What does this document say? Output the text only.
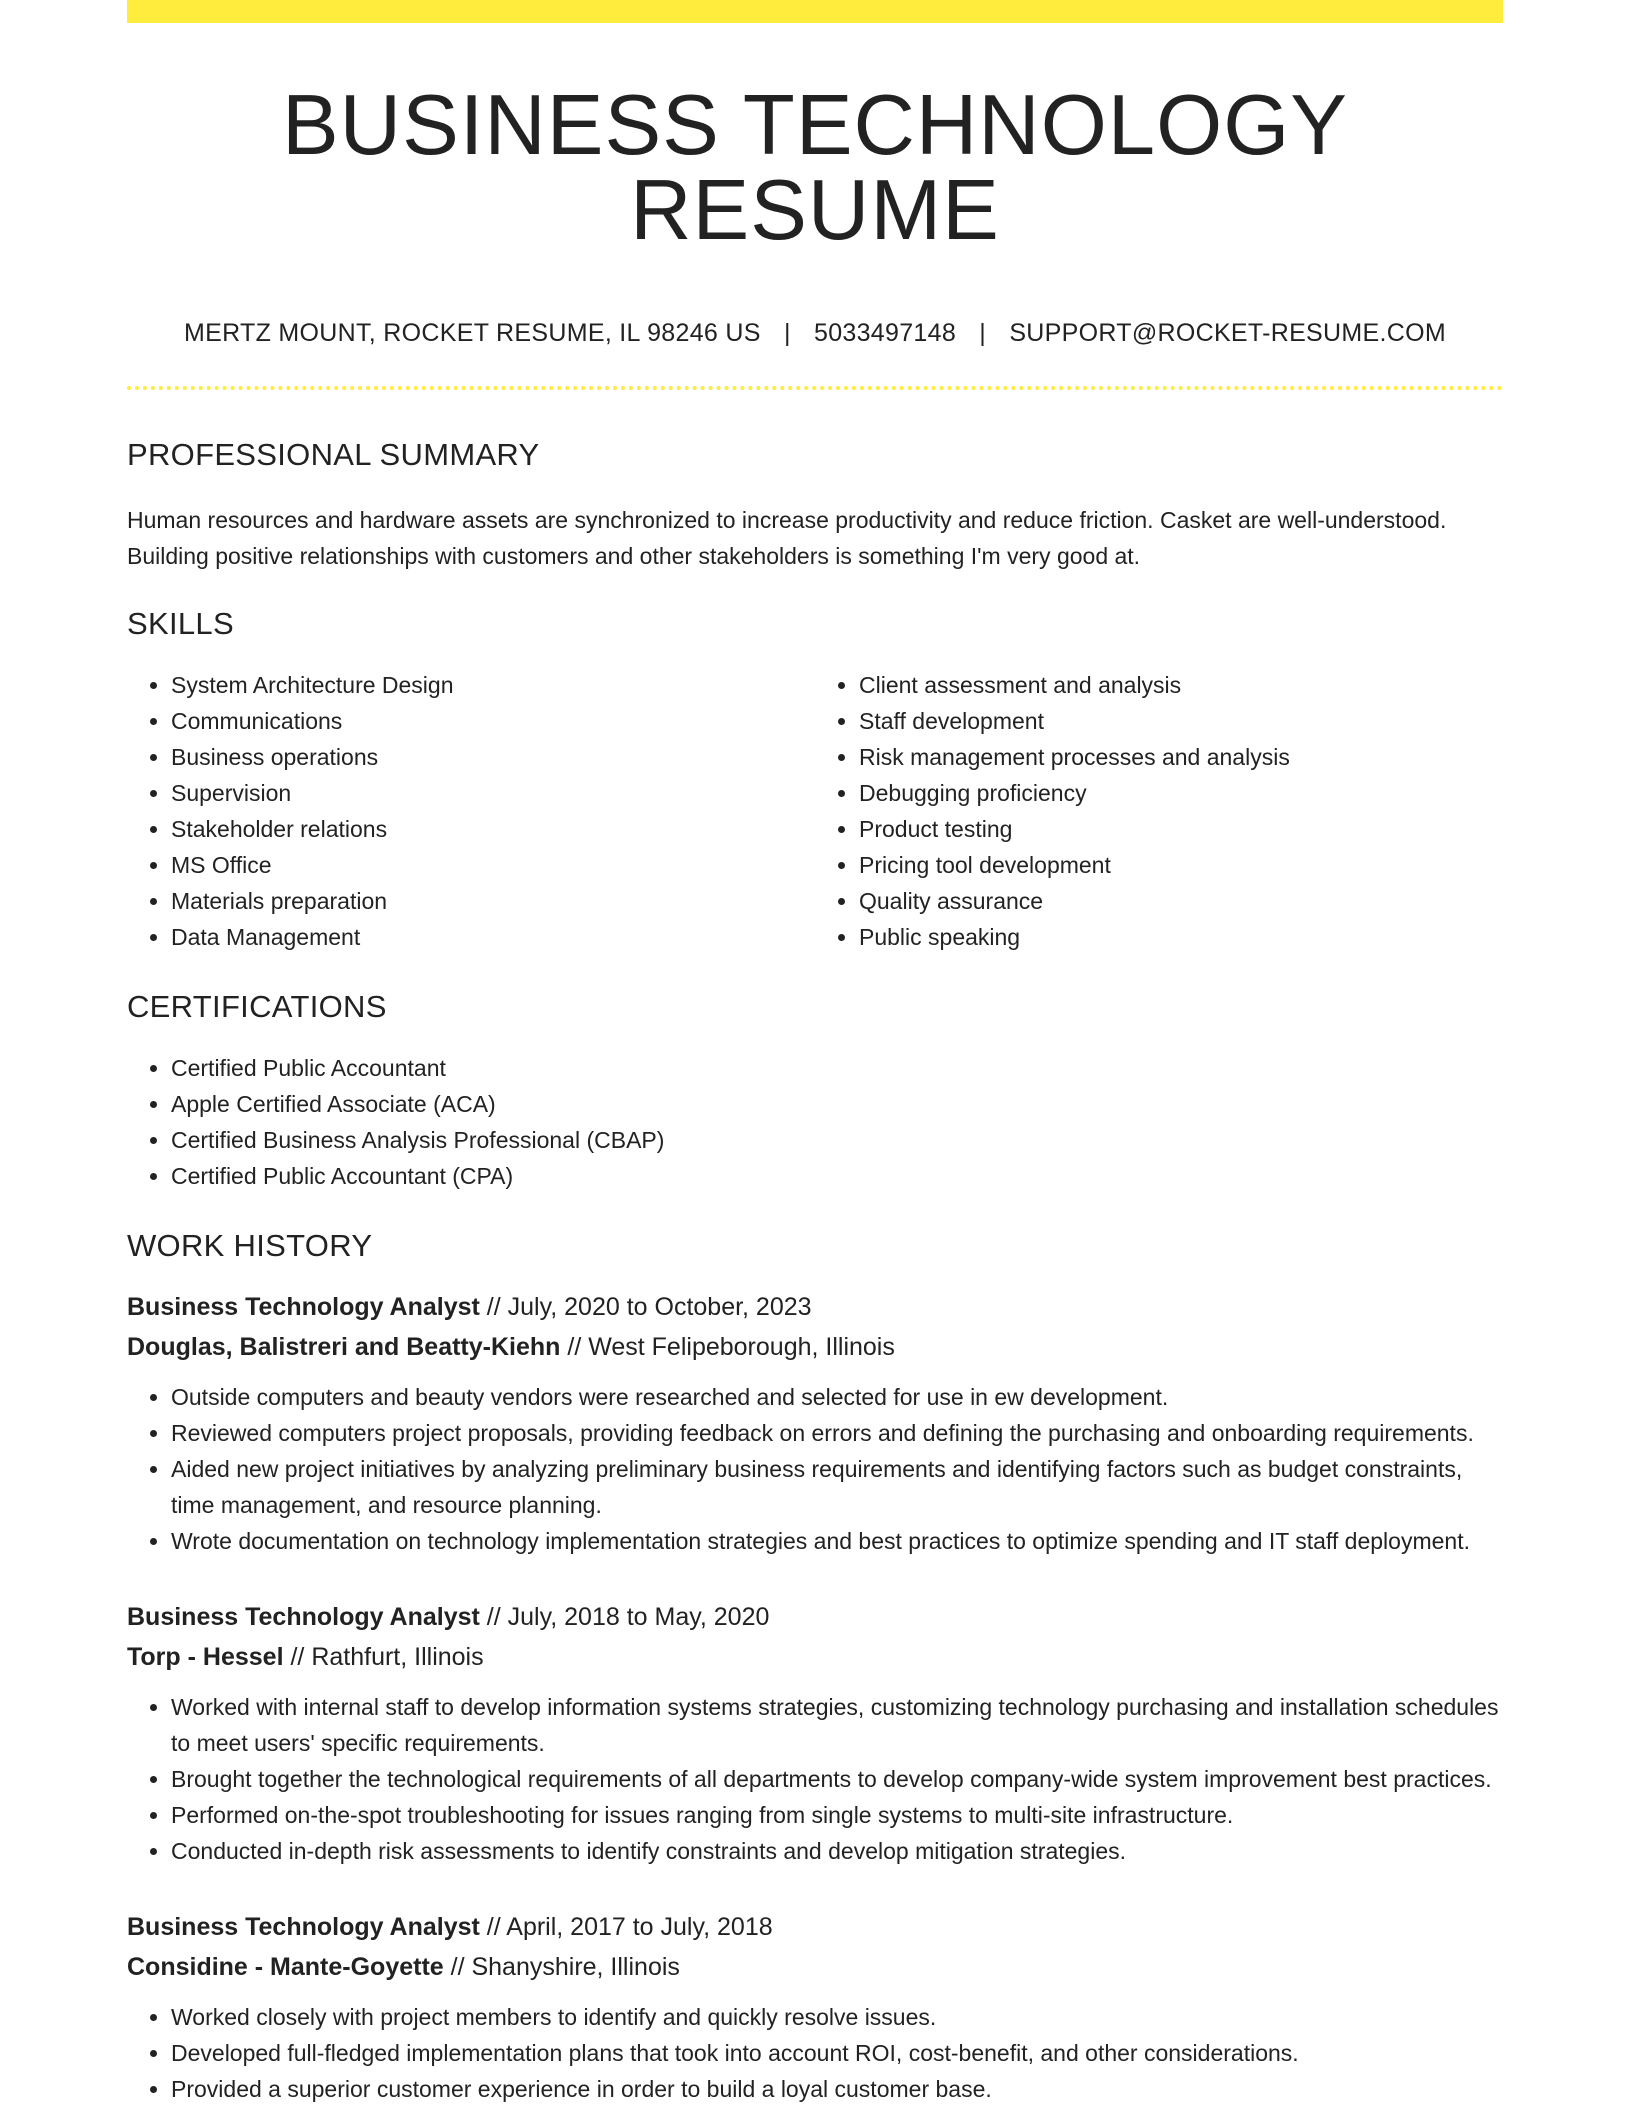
BUSINESS TECHNOLOGY RESUME
MERTZ MOUNT, ROCKET RESUME, IL 98246 US | 5033497148 | SUPPORT@ROCKET-RESUME.COM
PROFESSIONAL SUMMARY

Human resources and hardware assets are synchronized to increase productivity and reduce friction. Casket are well-understood. Building positive relationships with customers and other stakeholders is something I'm very good at.

SKILLS
• System Architecture Design
• Communications
• Business operations
• Supervision
• Stakeholder relations
• MS Office
• Materials preparation
• Data Management
• Client assessment and analysis
• Staff development
• Risk management processes and analysis
• Debugging proficiency
• Product testing
• Pricing tool development
• Quality assurance
• Public speaking
CERTIFICATIONS
• Certified Public Accountant
• Apple Certified Associate (ACA)
• Certified Business Analysis Professional (CBAP)
• Certified Public Accountant (CPA)
WORK HISTORY
Business Technology Analyst // July, 2020 to October, 2023
Douglas, Balistreri and Beatty-Kiehn // West Felipeborough, Illinois
• Outside computers and beauty vendors were researched and selected for use in ew development.
• Reviewed computers project proposals, providing feedback on errors and defining the purchasing and onboarding requirements.
• Aided new project initiatives by analyzing preliminary business requirements and identifying factors such as budget constraints, time management, and resource planning.
• Wrote documentation on technology implementation strategies and best practices to optimize spending and IT staff deployment.
Business Technology Analyst // July, 2018 to May, 2020
Torp - Hessel // Rathfurt, Illinois
• Worked with internal staff to develop information systems strategies, customizing technology purchasing and installation schedules to meet users' specific requirements.
• Brought together the technological requirements of all departments to develop company-wide system improvement best practices.
• Performed on-the-spot troubleshooting for issues ranging from single systems to multi-site infrastructure.
• Conducted in-depth risk assessments to identify constraints and develop mitigation strategies.
Business Technology Analyst // April, 2017 to July, 2018
Considine - Mante-Goyette // Shanyshire, Illinois
• Worked closely with project members to identify and quickly resolve issues.
• Developed full-fledged implementation plans that took into account ROI, cost-benefit, and other considerations.
• Provided a superior customer experience in order to build a loyal customer base.
